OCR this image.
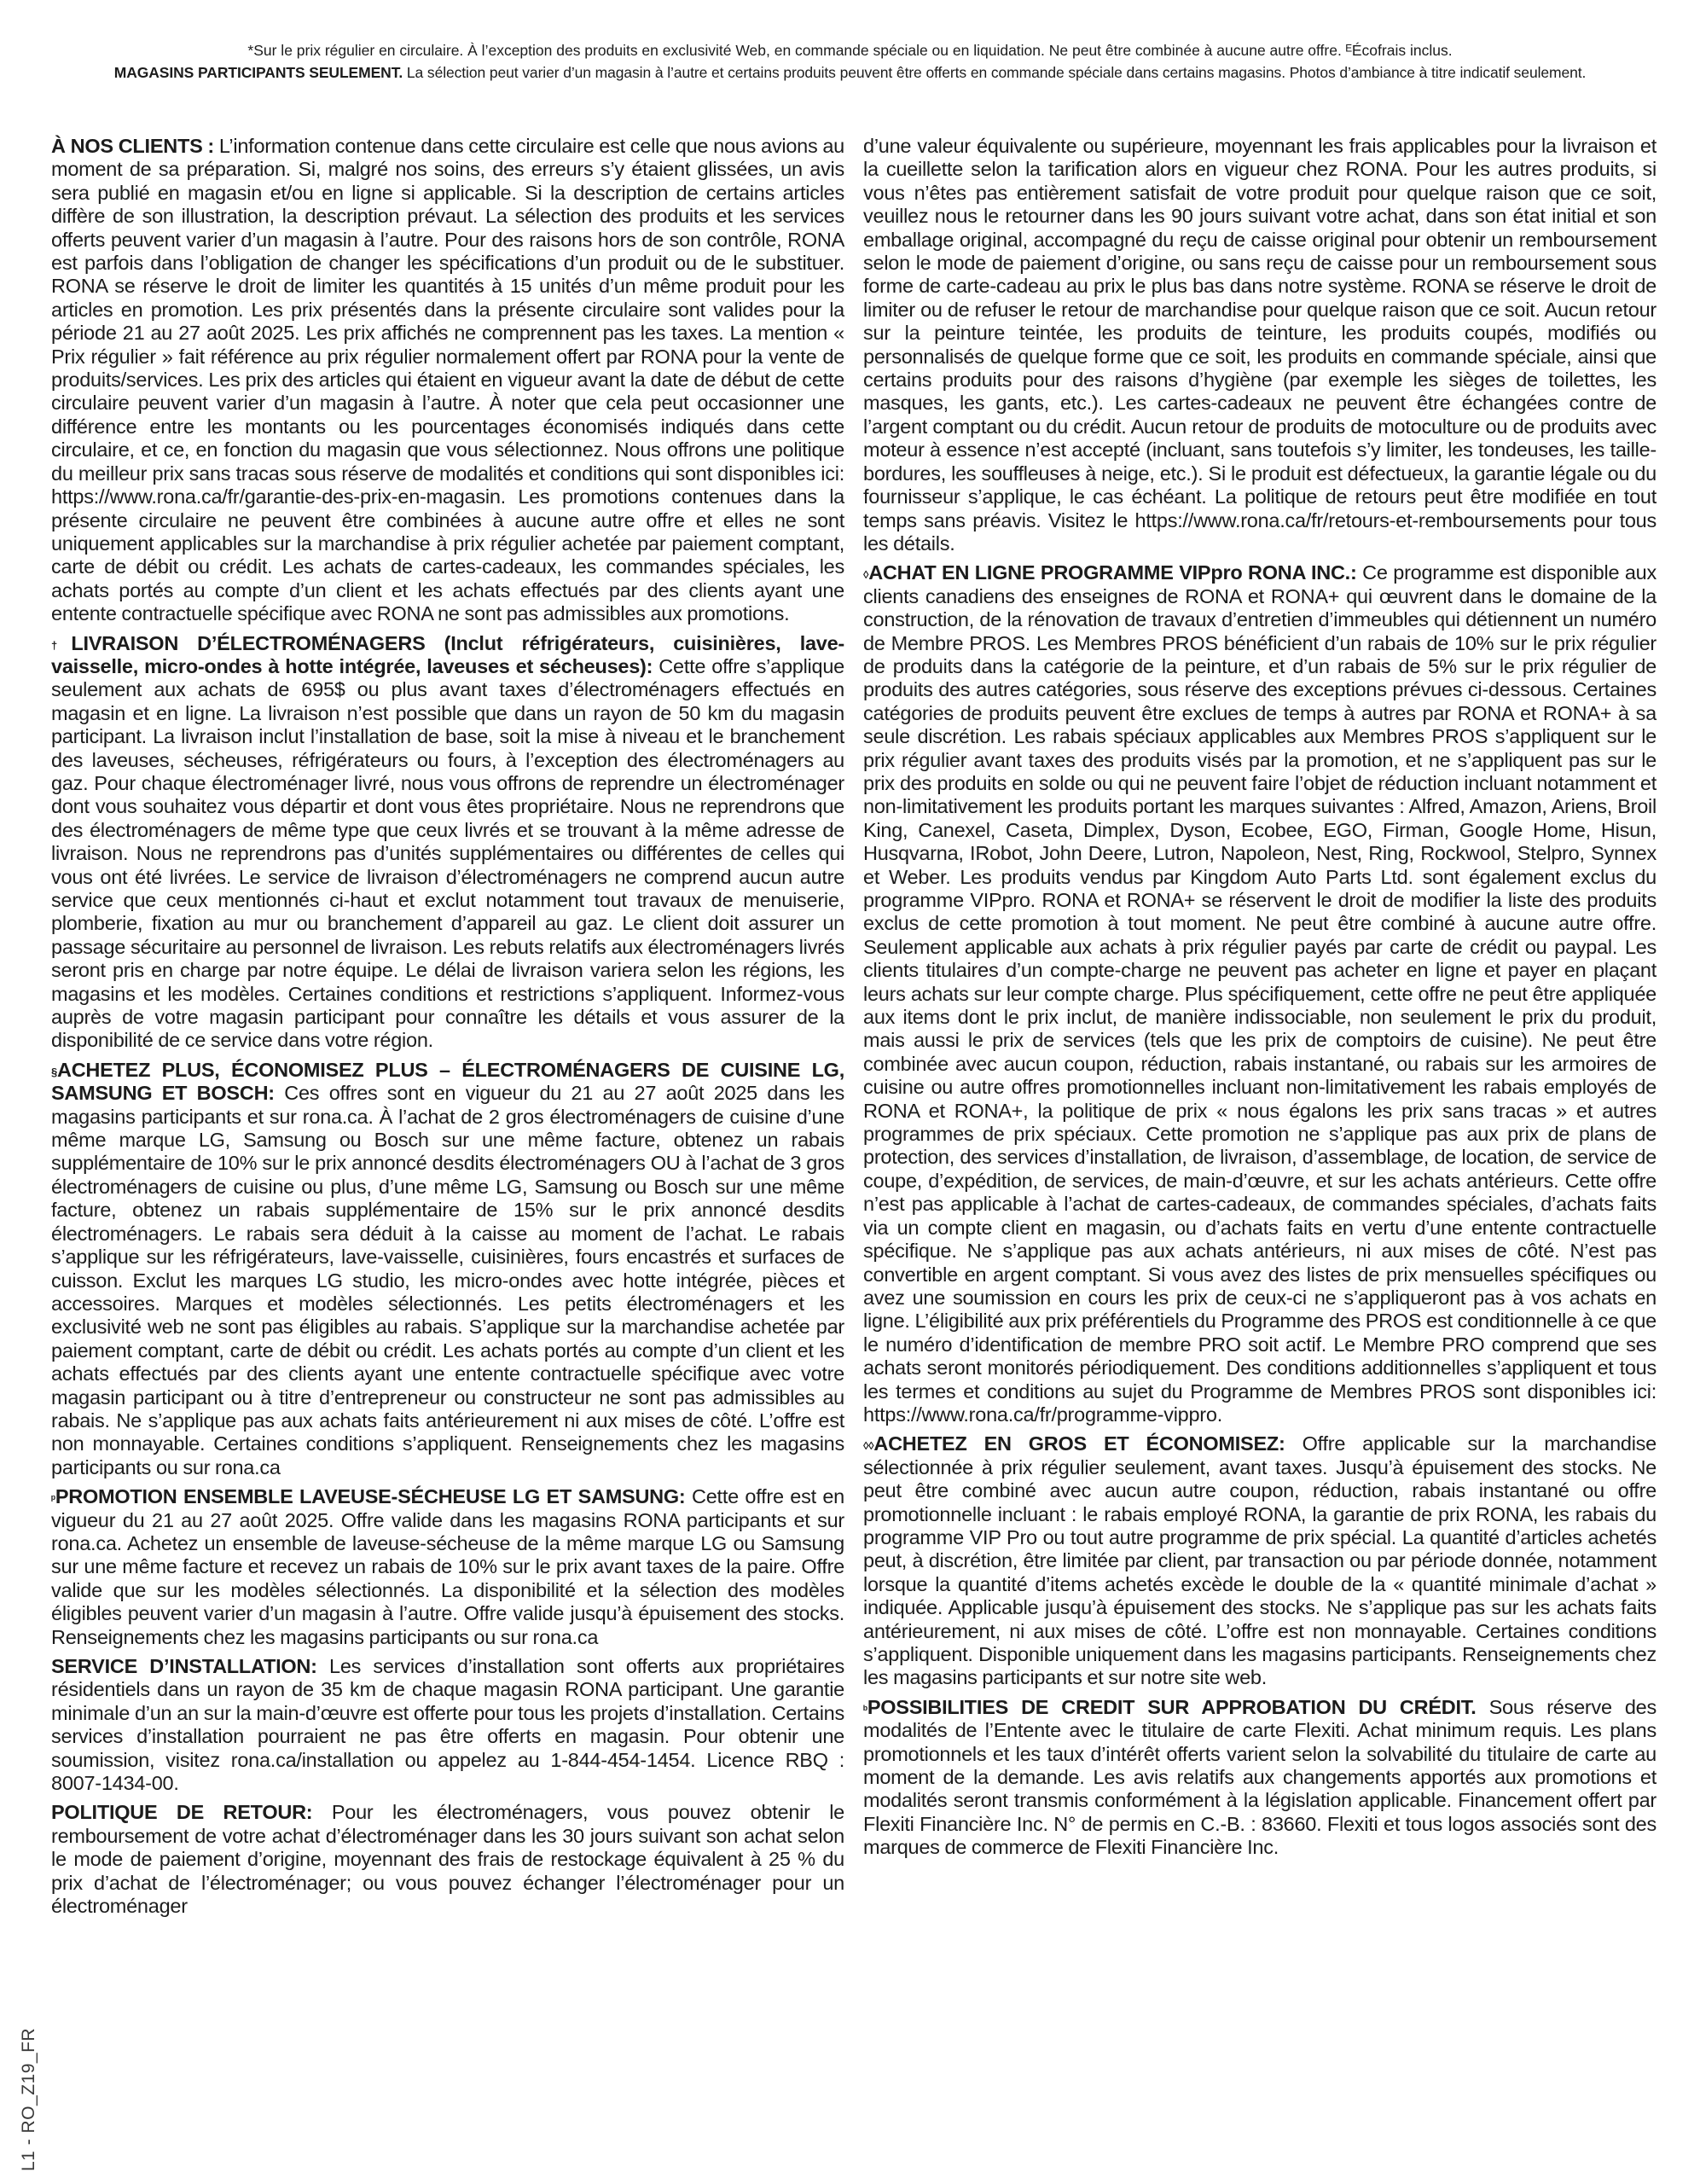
*Sur le prix régulier en circulaire. À l’exception des produits en exclusivité Web, en commande spéciale ou en liquidation. Ne peut être combinée à aucune autre offre. ᴱÉcofrais inclus.
MAGASINS PARTICIPANTS SEULEMENT. La sélection peut varier d’un magasin à l’autre et certains produits peuvent être offerts en commande spéciale dans certains magasins. Photos d’ambiance à titre indicatif seulement.

À NOS CLIENTS : L’information contenue dans cette circulaire est celle que nous avions au moment de sa préparation. Si, malgré nos soins, des erreurs s’y étaient glissées, un avis sera publié en magasin et/ou en ligne si applicable. Si la description de certains articles diffère de son illustration, la description prévaut. La sélection des produits et les services offerts peuvent varier d’un magasin à l’autre. Pour des raisons hors de son contrôle, RONA est parfois dans l’obligation de changer les spécifications d’un produit ou de le substituer. RONA se réserve le droit de limiter les quantités à 15 unités d’un même produit pour les articles en promotion. Les prix présentés dans la présente circulaire sont valides pour la période 21 au 27 août 2025. Les prix affichés ne comprennent pas les taxes. La mention « Prix régulier » fait référence au prix régulier normalement offert par RONA pour la vente de produits/services. Les prix des articles qui étaient en vigueur avant la date de début de cette circulaire peuvent varier d’un magasin à l’autre. À noter que cela peut occasionner une différence entre les montants ou les pourcentages économisés indiqués dans cette circulaire, et ce, en fonction du magasin que vous sélectionnez. Nous offrons une politique du meilleur prix sans tracas sous réserve de modalités et conditions qui sont disponibles ici: https://www.rona.ca/fr/garantie-des-prix-en-magasin. Les promotions contenues dans la présente circulaire ne peuvent être combinées à aucune autre offre et elles ne sont uniquement applicables sur la marchandise à prix régulier achetée par paiement comptant, carte de débit ou crédit. Les achats de cartes-cadeaux, les commandes spéciales, les achats portés au compte d’un client et les achats effectués par des clients ayant une entente contractuelle spécifique avec RONA ne sont pas admissibles aux promotions.

†LIVRAISON D’ÉLECTROMÉNAGERS (Inclut réfrigérateurs, cuisinières, lave-vaisselle, micro-ondes à hotte intégrée, laveuses et sécheuses): Cette offre s’applique seulement aux achats de 695$ ou plus avant taxes d’électroménagers effectués en magasin et en ligne. La livraison n’est possible que dans un rayon de 50 km du magasin participant. La livraison inclut l’installation de base, soit la mise à niveau et le branchement des laveuses, sécheuses, réfrigérateurs ou fours, à l’exception des électroménagers au gaz. Pour chaque électroménager livré, nous vous offrons de reprendre un électroménager dont vous souhaitez vous départir et dont vous êtes propriétaire. Nous ne reprendrons que des électroménagers de même type que ceux livrés et se trouvant à la même adresse de livraison. Nous ne reprendrons pas d’unités supplémentaires ou différentes de celles qui vous ont été livrées. Le service de livraison d’électroménagers ne comprend aucun autre service que ceux mentionnés ci-haut et exclut notamment tout travaux de menuiserie, plomberie, fixation au mur ou branchement d’appareil au gaz. Le client doit assurer un passage sécuritaire au personnel de livraison. Les rebuts relatifs aux électroménagers livrés seront pris en charge par notre équipe. Le délai de livraison variera selon les régions, les magasins et les modèles. Certaines conditions et restrictions s’appliquent. Informez-vous auprès de votre magasin participant pour connaître les détails et vous assurer de la disponibilité de ce service dans votre région.

§ACHETEZ PLUS, ÉCONOMISEZ PLUS – ÉLECTROMÉNAGERS DE CUISINE LG, SAMSUNG ET BOSCH: Ces offres sont en vigueur du 21 au 27 août 2025 dans les magasins participants et sur rona.ca. À l’achat de 2 gros électroménagers de cuisine d’une même marque LG, Samsung ou Bosch sur une même facture, obtenez un rabais supplémentaire de 10% sur le prix annoncé desdits électroménagers OU à l’achat de 3 gros électroménagers de cuisine ou plus, d’une même LG, Samsung ou Bosch sur une même facture, obtenez un rabais supplémentaire de 15% sur le prix annoncé desdits électroménagers. Le rabais sera déduit à la caisse au moment de l’achat. Le rabais s’applique sur les réfrigérateurs, lave-vaisselle, cuisinières, fours encastrés et surfaces de cuisson. Exclut les marques LG studio, les micro-ondes avec hotte intégrée, pièces et accessoires. Marques et modèles sélectionnés. Les petits électroménagers et les exclusivité web ne sont pas éligibles au rabais. S’applique sur la marchandise achetée par paiement comptant, carte de débit ou crédit. Les achats portés au compte d’un client et les achats effectués par des clients ayant une entente contractuelle spécifique avec votre magasin participant ou à titre d’entrepreneur ou constructeur ne sont pas admissibles au rabais. Ne s’applique pas aux achats faits antérieurement ni aux mises de côté. L’offre est non monnayable. Certaines conditions s’appliquent. Renseignements chez les magasins participants ou sur rona.ca

$^ᵖ$PROMOTION ENSEMBLE LAVEUSE-SÉCHEUSE LG ET SAMSUNG: Cette offre est en vigueur du 21 au 27 août 2025. Offre valide dans les magasins RONA participants et sur rona.ca. Achetez un ensemble de laveuse-sécheuse de la même marque LG ou Samsung sur une même facture et recevez un rabais de 10% sur le prix avant taxes de la paire. Offre valide que sur les modèles sélectionnés. La disponibilité et la sélection des modèles éligibles peuvent varier d’un magasin à l’autre. Offre valide jusqu’à épuisement des stocks. Renseignements chez les magasins participants ou sur rona.ca

SERVICE D’INSTALLATION: Les services d’installation sont offerts aux propriétaires résidentiels dans un rayon de 35 km de chaque magasin RONA participant. Une garantie minimale d’un an sur la main-d’œuvre est offerte pour tous les projets d’installation. Certains services d’installation pourraient ne pas être offerts en magasin. Pour obtenir une soumission, visitez rona.ca/installation ou appelez au 1-844-454-1454. Licence RBQ : 8007-1434-00.

POLITIQUE DE RETOUR: Pour les électroménagers, vous pouvez obtenir le remboursement de votre achat d’électroménager dans les 30 jours suivant son achat selon le mode de paiement d’origine, moyennant des frais de restockage équivalent à 25 % du prix d’achat de l’électroménager; ou vous pouvez échanger l’électroménager pour un électroménager

d’une valeur équivalente ou supérieure, moyennant les frais applicables pour la livraison et la cueillette selon la tarification alors en vigueur chez RONA. Pour les autres produits, si vous n’êtes pas entièrement satisfait de votre produit pour quelque raison que ce soit, veuillez nous le retourner dans les 90 jours suivant votre achat, dans son état initial et son emballage original, accompagné du reçu de caisse original pour obtenir un remboursement selon le mode de paiement d’origine, ou sans reçu de caisse pour un remboursement sous forme de carte-cadeau au prix le plus bas dans notre système. RONA se réserve le droit de limiter ou de refuser le retour de marchandise pour quelque raison que ce soit. Aucun retour sur la peinture teintée, les produits de teinture, les produits coupés, modifiés ou personnalisés de quelque forme que ce soit, les produits en commande spéciale, ainsi que certains produits pour des raisons d’hygiène (par exemple les sièges de toilettes, les masques, les gants, etc.). Les cartes-cadeaux ne peuvent être échangées contre de l’argent comptant ou du crédit. Aucun retour de produits de motoculture ou de produits avec moteur à essence n’est accepté (incluant, sans toutefois s’y limiter, les tondeuses, les taille-bordures, les souffleuses à neige, etc.). Si le produit est défectueux, la garantie légale ou du fournisseur s’applique, le cas échéant. La politique de retours peut être modifiée en tout temps sans préavis. Visitez le https://www.rona.ca/fr/retours-et-remboursements pour tous les détails.

◊ACHAT EN LIGNE PROGRAMME VIPpro RONA INC.: Ce programme est disponible aux clients canadiens des enseignes de RONA et RONA+ qui œuvrent dans le domaine de la construction, de la rénovation de travaux d’entretien d’immeubles qui détiennent un numéro de Membre PROS. Les Membres PROS bénéficient d’un rabais de 10% sur le prix régulier de produits dans la catégorie de la peinture, et d’un rabais de 5% sur le prix régulier de produits des autres catégories, sous réserve des exceptions prévues ci-dessous. Certaines catégories de produits peuvent être exclues de temps à autres par RONA et RONA+ à sa seule discrétion. Les rabais spéciaux applicables aux Membres PROS s’appliquent sur le prix régulier avant taxes des produits visés par la promotion, et ne s’appliquent pas sur le prix des produits en solde ou qui ne peuvent faire l’objet de réduction incluant notamment et non-limitativement les produits portant les marques suivantes : Alfred, Amazon, Ariens, Broil King, Canexel, Caseta, Dimplex, Dyson, Ecobee, EGO, Firman, Google Home, Hisun, Husqvarna, IRobot, John Deere, Lutron, Napoleon, Nest, Ring, Rockwool, Stelpro, Synnex et Weber. Les produits vendus par Kingdom Auto Parts Ltd. sont également exclus du programme VIPpro. RONA et RONA+ se réservent le droit de modifier la liste des produits exclus de cette promotion à tout moment. Ne peut être combiné à aucune autre offre. Seulement applicable aux achats à prix régulier payés par carte de crédit ou paypal. Les clients titulaires d’un compte-charge ne peuvent pas acheter en ligne et payer en plaçant leurs achats sur leur compte charge. Plus spécifiquement, cette offre ne peut être appliquée aux items dont le prix inclut, de manière indissociable, non seulement le prix du produit, mais aussi le prix de services (tels que les prix de comptoirs de cuisine). Ne peut être combinée avec aucun coupon, réduction, rabais instantané, ou rabais sur les armoires de cuisine ou autre offres promotionnelles incluant non-limitativement les rabais employés de RONA et RONA+, la politique de prix « nous égalons les prix sans tracas » et autres programmes de prix spéciaux. Cette promotion ne s’applique pas aux prix de plans de protection, des services d’installation, de livraison, d’assemblage, de location, de service de coupe, d’expédition, de services, de main-d’œuvre, et sur les achats antérieurs. Cette offre n’est pas applicable à l’achat de cartes-cadeaux, de commandes spéciales, d’achats faits via un compte client en magasin, ou d’achats faits en vertu d’une entente contractuelle spécifique. Ne s’applique pas aux achats antérieurs, ni aux mises de côté. N’est pas convertible en argent comptant. Si vous avez des listes de prix mensuelles spécifiques ou avez une soumission en cours les prix de ceux-ci ne s’appliqueront pas à vos achats en ligne. L’éligibilité aux prix préférentiels du Programme des PROS est conditionnelle à ce que le numéro d’identification de membre PRO soit actif. Le Membre PRO comprend que ses achats seront monitorés périodiquement. Des conditions additionnelles s’appliquent et tous les termes et conditions au sujet du Programme de Membres PROS sont disponibles ici: https://www.rona.ca/fr/programme-vippro.

◊◊ACHETEZ EN GROS ET ÉCONOMISEZ: Offre applicable sur la marchandise sélectionnée à prix régulier seulement, avant taxes. Jusqu’à épuisement des stocks. Ne peut être combiné avec aucun autre coupon, réduction, rabais instantané ou offre promotionnelle incluant : le rabais employé RONA, la garantie de prix RONA, les rabais du programme VIP Pro ou tout autre programme de prix spécial. La quantité d’articles achetés peut, à discrétion, être limitée par client, par transaction ou par période donnée, notamment lorsque la quantité d’items achetés excède le double de la « quantité minimale d’achat » indiquée. Applicable jusqu’à épuisement des stocks. Ne s’applique pas sur les achats faits antérieurement, ni aux mises de côté. L’offre est non monnayable. Certaines conditions s’appliquent. Disponible uniquement dans les magasins participants. Renseignements chez les magasins participants et sur notre site web.

$^ᵇ$POSSIBILITIES DE CREDIT SUR APPROBATION DU CRÉDIT. Sous réserve des modalités de l’Entente avec le titulaire de carte Flexiti. Achat minimum requis. Les plans promotionnels et les taux d’intérêt offerts varient selon la solvabilité du titulaire de carte au moment de la demande. Les avis relatifs aux changements apportés aux promotions et modalités seront transmis conformément à la législation applicable. Financement offert par Flexiti Financière Inc. N° de permis en C.-B. : 83660. Flexiti et tous logos associés sont des marques de commerce de Flexiti Financière Inc.

L1 - RO_Z19_FR
